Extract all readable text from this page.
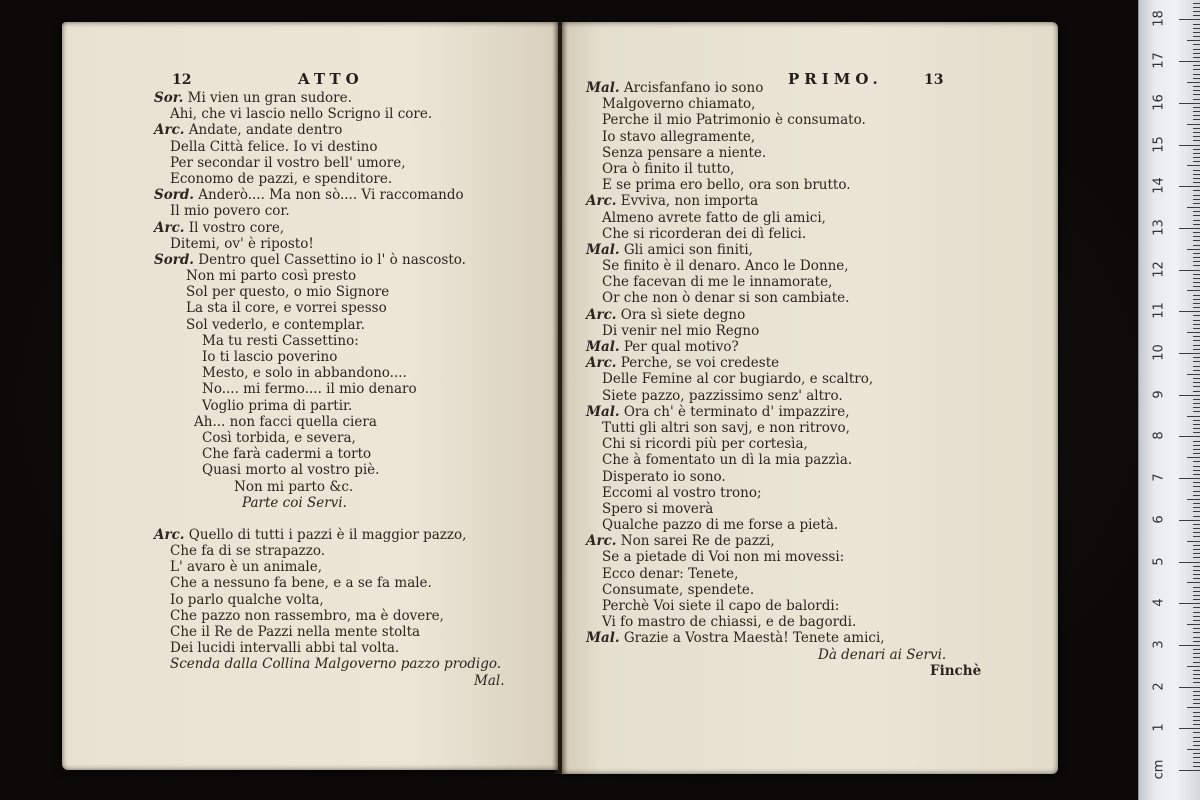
12	ATTO
Sor. Mi vien un gran sudore.
Ahi, che vi lascio nello Scrigno il core.
Arc. Andate, andate dentro
Della Città felice. Io vi destino
Per secondar il vostro bell' umore,
Economo de pazzi, e spenditore.
Sord. Anderò.... Ma non sò.... Vi raccomando
Il mio povero cor.
Arc. Il vostro core,
Ditemi, ov' è riposto!
Sord. Dentro quel Cassettino io l' ò nascosto.
Non mi parto così presto
Sol per questo, o mio Signore
La sta il core, e vorrei spesso
Sol vederlo, e contemplar.
Ma tu resti Cassettino:
Io ti lascio poverino
Mesto, e solo in abbandono....
No.... mi fermo.... il mio denaro
Voglio prima di partir.
Ah... non facci quella ciera
Così torbida, e severa,
Che farà cadermi a torto
Quasi morto al vostro piè.
Non mi parto &c.
Parte coi Servi.
Arc. Quello di tutti i pazzi è il maggior pazzo,
Che fa di se strapazzo.
L' avaro è un animale,
Che a nessuno fa bene, e a se fa male.
Io parlo qualche volta,
Che pazzo non rassembro, ma è dovere,
Che il Re de Pazzi nella mente stolta
Dei lucidi intervalli abbi tal volta.
Scenda dalla Collina Malgoverno pazzo prodigo.
Mal.
PRIMO.	13
Mal. Arcisfanfano io sono
Malgoverno chiamato,
Perche il mio Patrimonio è consumato.
Io stavo allegramente,
Senza pensare a niente.
Ora ò finito il tutto,
E se prima ero bello, ora son brutto.
Arc. Evviva, non importa
Almeno avrete fatto de gli amici,
Che si ricorderan dei dì felici.
Mal. Gli amici son finiti,
Se finito è il denaro. Anco le Donne,
Che facevan di me le innamorate,
Or che non ò denar si son cambiate.
Arc. Ora sì siete degno
Di venir nel mio Regno
Mal. Per qual motivo?
Arc. Perche, se voi credeste
Delle Femine al cor bugiardo, e scaltro,
Siete pazzo, pazzissimo senz' altro.
Mal. Ora ch' è terminato d' impazzire,
Tutti gli altri son savj, e non ritrovo,
Chi si ricordi più per cortesìa,
Che à fomentato un dì la mia pazzìa.
Disperato io sono.
Eccomi al vostro trono;
Spero si moverà
Qualche pazzo di me forse a pietà.
Arc. Non sarei Re de pazzi,
Se a pietade di Voi non mi movessi:
Ecco denar: Tenete,
Consumate, spendete.
Perchè Voi siete il capo de balordi:
Vi fo mastro de chiassi, e de bagordi.
Mal. Grazie a Vostra Maestà! Tenete amici,
Dà denari ai Servi.
Finchè
cm
1
2
3
4
5
6
7
8
9
10
11
12
13
14
15
16
17
18
